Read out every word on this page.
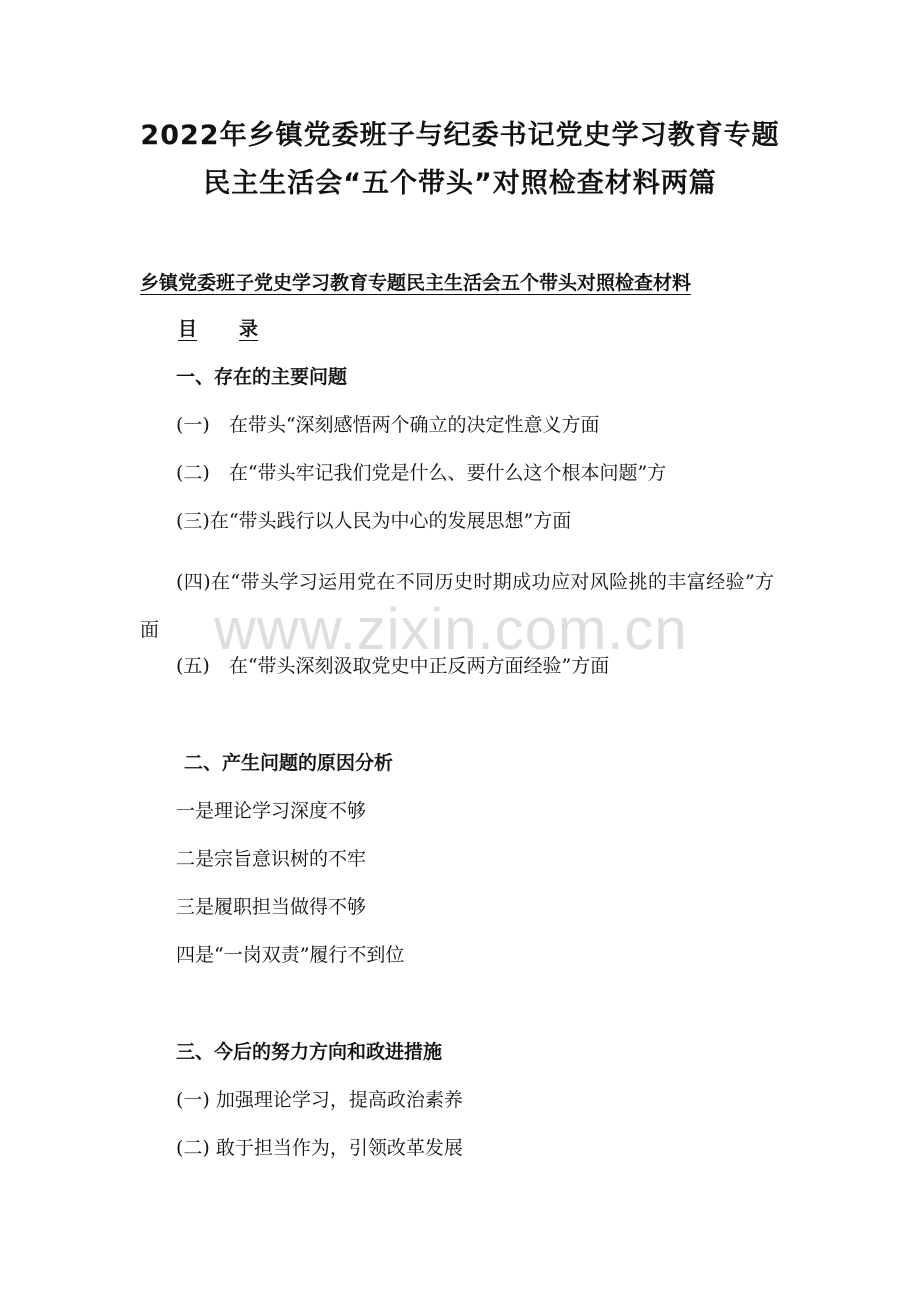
2022年乡镇党委班子与纪委书记党史学习教育专题
民主生活会“五个带头”对照检查材料两篇
乡镇党委班子党史学习教育专题民主生活会五个带头对照检查材料

目 录

一、存在的主要问题

(一)　在带头“深刻感悟两个确立的决定性意义方面

(二)　在“带头牢记我们党是什么、要什么这个根本问题”方

(三)在“带头践行以人民为中心的发展思想”方面

(四)在“带头学习运用党在不同历史时期成功应对风险挑的丰富经验”方面

(五)　在“带头深刻汲取党史中正反两方面经验”方面

二、产生问题的原因分析

一是理论学习深度不够

二是宗旨意识树的不牢

三是履职担当做得不够

四是“一岗双责”履行不到位

三、今后的努力方向和政进措施

(一) 加强理论学习，提高政治素养

(二) 敢于担当作为，引领改革发展

www.zixin.com.cn
